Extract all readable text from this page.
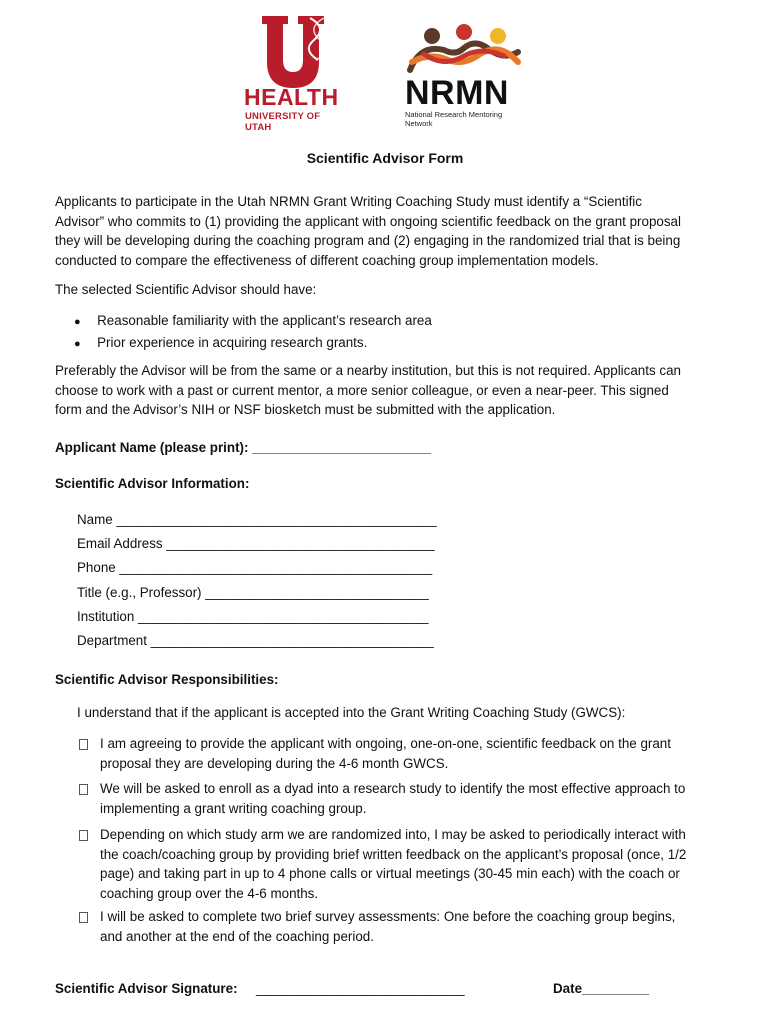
HEALTH
UNIVERSITY OF UTAH
NRMN
National Research Mentoring Network
Scientific Advisor Form
Applicants to participate in the Utah NRMN Grant Writing Coaching Study must identify a “Scientific
Advisor” who commits to (1) providing the applicant with ongoing scientific feedback on the grant proposal
they will be developing during the coaching program and (2) engaging in the randomized trial that is being
conducted to compare the effectiveness of different coaching group implementation models.
The selected Scientific Advisor should have:
● Reasonable familiarity with the applicant’s research area
● Prior experience in acquiring research grants.
Preferably the Advisor will be from the same or a nearby institution, but this is not required. Applicants can
choose to work with a past or current mentor, a more senior colleague, or even a near-peer. This signed
form and the Advisor’s NIH or NSF biosketch must be submitted with the application.
Applicant Name (please print): ________________________
Scientific Advisor Information:
Name ___________________________________________
Email Address ____________________________________
Phone __________________________________________
Title (e.g., Professor) ______________________________
Institution _______________________________________
Department ______________________________________
Scientific Advisor Responsibilities:
I understand that if the applicant is accepted into the Grant Writing Coaching Study (GWCS):
I am agreeing to provide the applicant with ongoing, one-on-one, scientific feedback on the grant
proposal they are developing during the 4-6 month GWCS.
We will be asked to enroll as a dyad into a research study to identify the most effective approach to
implementing a grant writing coaching group.
Depending on which study arm we are randomized into, I may be asked to periodically interact with
the coach/coaching group by providing brief written feedback on the applicant’s proposal (once, 1/2
page) and taking part in up to 4 phone calls or virtual meetings (30-45 min each) with the coach or
coaching group over the 4-6 months.
I will be asked to complete two brief survey assessments: One before the coaching group begins,
and another at the end of the coaching period.
Scientific Advisor Signature: ____________________________	Date_________
